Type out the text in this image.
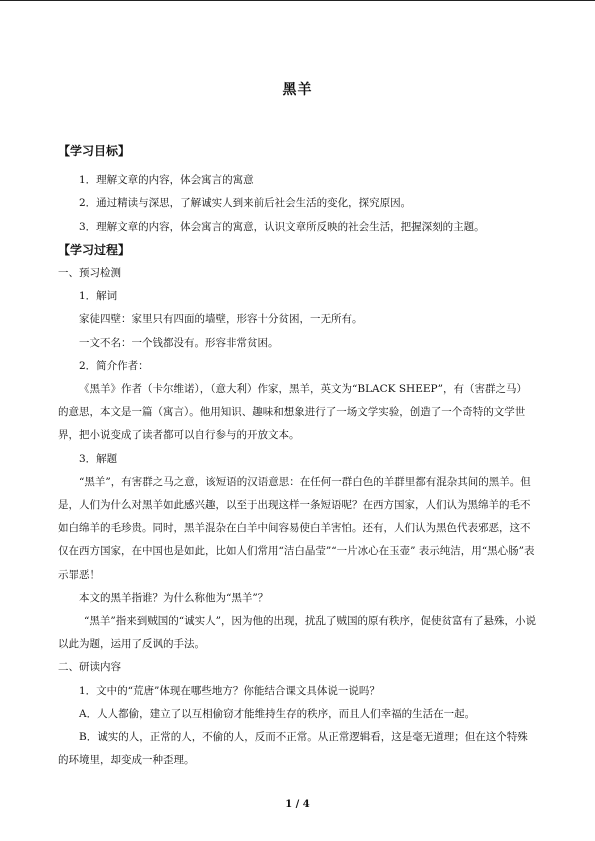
黑羊

【学习目标】

1．理解文章的内容，体会寓言的寓意

2．通过精读与深思，了解诚实人到来前后社会生活的变化，探究原因。

3．理解文章的内容，体会寓言的寓意，认识文章所反映的社会生活，把握深刻的主题。

【学习过程】

一、预习检测

1．解词

家徒四壁：家里只有四面的墙壁，形容十分贫困，一无所有。

一文不名：一个钱都没有。形容非常贫困。

2．简介作者：

《黑羊》作者（卡尔维诺），（意大利）作家，黑羊，英文为“BLACK SHEEP”，有（害群之马）的意思，本文是一篇（寓言）。他用知识、趣味和想象进行了一场文学实验，创造了一个奇特的文学世界，把小说变成了读者都可以自行参与的开放文本。

3．解题

“黑羊”，有害群之马之意，该短语的汉语意思：在任何一群白色的羊群里都有混杂其间的黑羊。但是，人们为什么对黑羊如此感兴趣，以至于出现这样一条短语呢？在西方国家，人们认为黑绵羊的毛不如白绵羊的毛珍贵。同时，黑羊混杂在白羊中间容易使白羊害怕。还有，人们认为黑色代表邪恶，这不仅在西方国家，在中国也是如此，比如人们常用“洁白晶莹”“一片冰心在玉壶” 表示纯洁，用“黑心肠”表示罪恶！

本文的黑羊指谁？为什么称他为“黑羊”？

“黑羊”指来到贼国的“诚实人”，因为他的出现，扰乱了贼国的原有秩序，促使贫富有了悬殊，小说以此为题，运用了反讽的手法。

二、研读内容

1．文中的“荒唐”体现在哪些地方？你能结合课文具体说一说吗？

A．人人都偷，建立了以互相偷窃才能维持生存的秩序，而且人们幸福的生活在一起。

B．诚实的人，正常的人，不偷的人，反而不正常。从正常逻辑看，这是毫无道理；但在这个特殊的环境里，却变成一种歪理。

1 / 4
